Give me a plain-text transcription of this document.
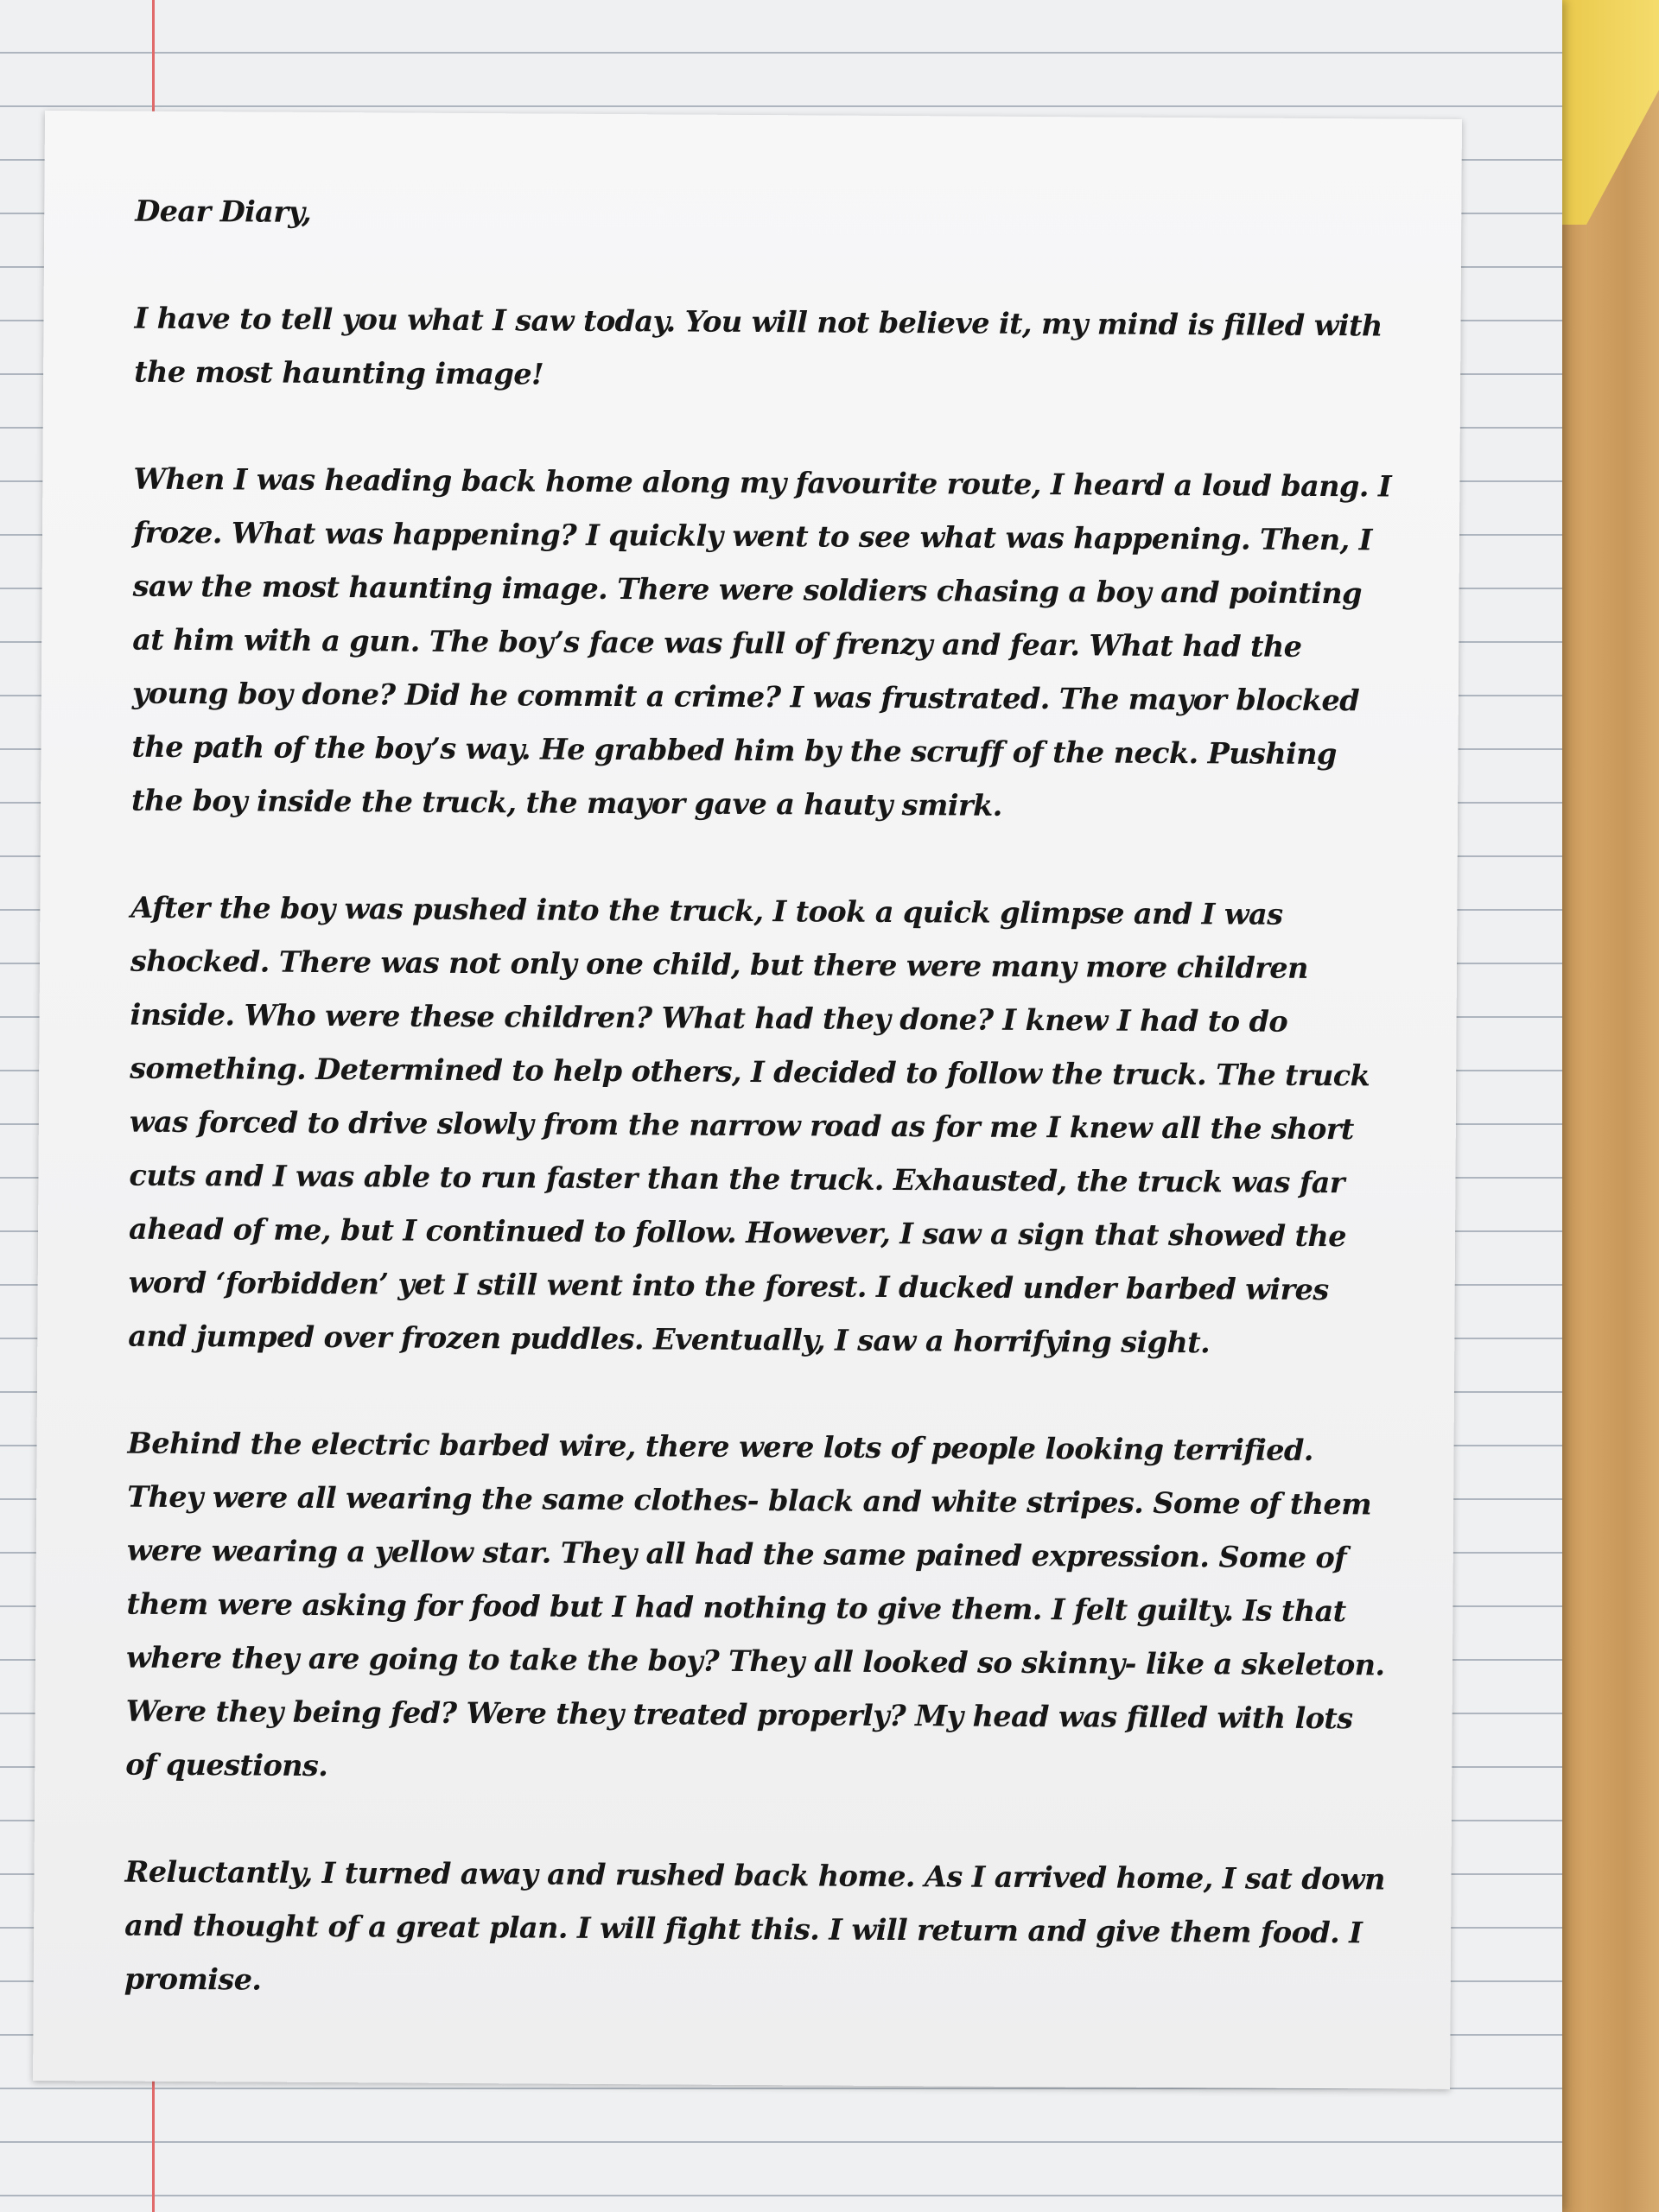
Dear Diary,

I have to tell you what I saw today. You will not believe it, my mind is filled with the most haunting image!

When I was heading back home along my favourite route, I heard a loud bang. I froze. What was happening? I quickly went to see what was happening. Then, I saw the most haunting image. There were soldiers chasing a boy and pointing at him with a gun. The boy’s face was full of frenzy and fear. What had the young boy done? Did he commit a crime? I was frustrated. The mayor blocked the path of the boy’s way. He grabbed him by the scruff of the neck. Pushing the boy inside the truck, the mayor gave a hauty smirk.

After the boy was pushed into the truck, I took a quick glimpse and I was shocked. There was not only one child, but there were many more children inside. Who were these children? What had they done? I knew I had to do something. Determined to help others, I decided to follow the truck. The truck was forced to drive slowly from the narrow road as for me I knew all the short cuts and I was able to run faster than the truck. Exhausted, the truck was far ahead of me, but I continued to follow. However, I saw a sign that showed the word ‘forbidden’ yet I still went into the forest. I ducked under barbed wires and jumped over frozen puddles. Eventually, I saw a horrifying sight.

Behind the electric barbed wire, there were lots of people looking terrified. They were all wearing the same clothes- black and white stripes. Some of them were wearing a yellow star. They all had the same pained expression. Some of them were asking for food but I had nothing to give them. I felt guilty. Is that where they are going to take the boy? They all looked so skinny- like a skeleton. Were they being fed? Were they treated properly? My head was filled with lots of questions.

Reluctantly, I turned away and rushed back home. As I arrived home, I sat down and thought of a great plan. I will fight this. I will return and give them food. I promise.
